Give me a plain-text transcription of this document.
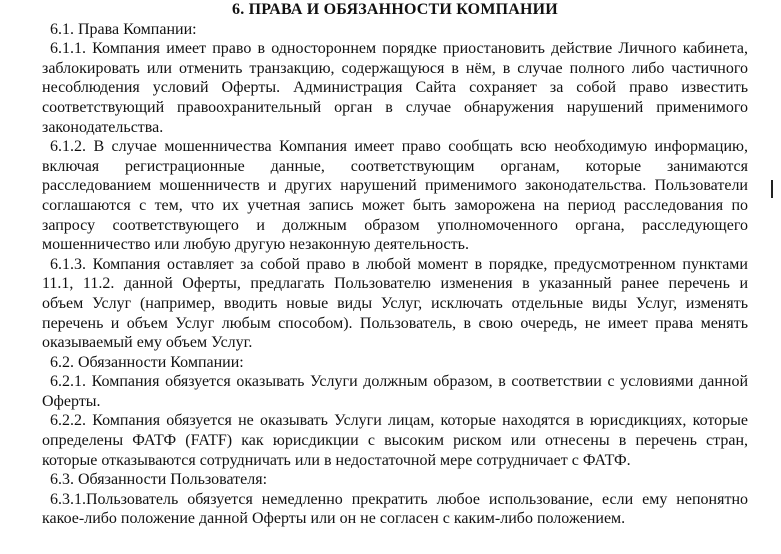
6. ПРАВА И ОБЯЗАННОСТИ КОМПАНИИ

6.1. Права Компании:

6.1.1. Компания имеет право в одностороннем порядке приостановить действие Личного кабинета,

заблокировать или отменить транзакцию, содержащуюся в нём, в случае полного либо частичного

несоблюдения условий Оферты. Администрация Сайта сохраняет за собой право известить

соответствующий правоохранительный орган в случае обнаружения нарушений применимого

законодательства.

6.1.2. В случае мошенничества Компания имеет право сообщать всю необходимую информацию,

включая регистрационные данные, соответствующим органам, которые занимаются

расследованием мошенничеств и других нарушений применимого законодательства. Пользователи

соглашаются с тем, что их учетная запись может быть заморожена на период расследования по

запросу соответствующего и должным образом уполномоченного органа, расследующего

мошенничество или любую другую незаконную деятельность.

6.1.3. Компания оставляет за собой право в любой момент в порядке, предусмотренном пунктами

11.1, 11.2. данной Оферты, предлагать Пользователю изменения в указанный ранее перечень и

объем Услуг (например, вводить новые виды Услуг, исключать отдельные виды Услуг, изменять

перечень и объем Услуг любым способом). Пользователь, в свою очередь, не имеет права менять

оказываемый ему объем Услуг.

6.2. Обязанности Компании:

6.2.1. Компания обязуется оказывать Услуги должным образом, в соответствии с условиями данной

Оферты.

6.2.2. Компания обязуется не оказывать Услуги лицам, которые находятся в юрисдикциях, которые

определены ФАТФ (FATF) как юрисдикции с высоким риском или отнесены в перечень стран,

которые отказываются сотрудничать или в недостаточной мере сотрудничает с ФАТФ.

6.3. Обязанности Пользователя:

6.3.1.Пользователь обязуется немедленно прекратить любое использование, если ему непонятно

какое-либо положение данной Оферты или он не согласен с каким-либо положением.
